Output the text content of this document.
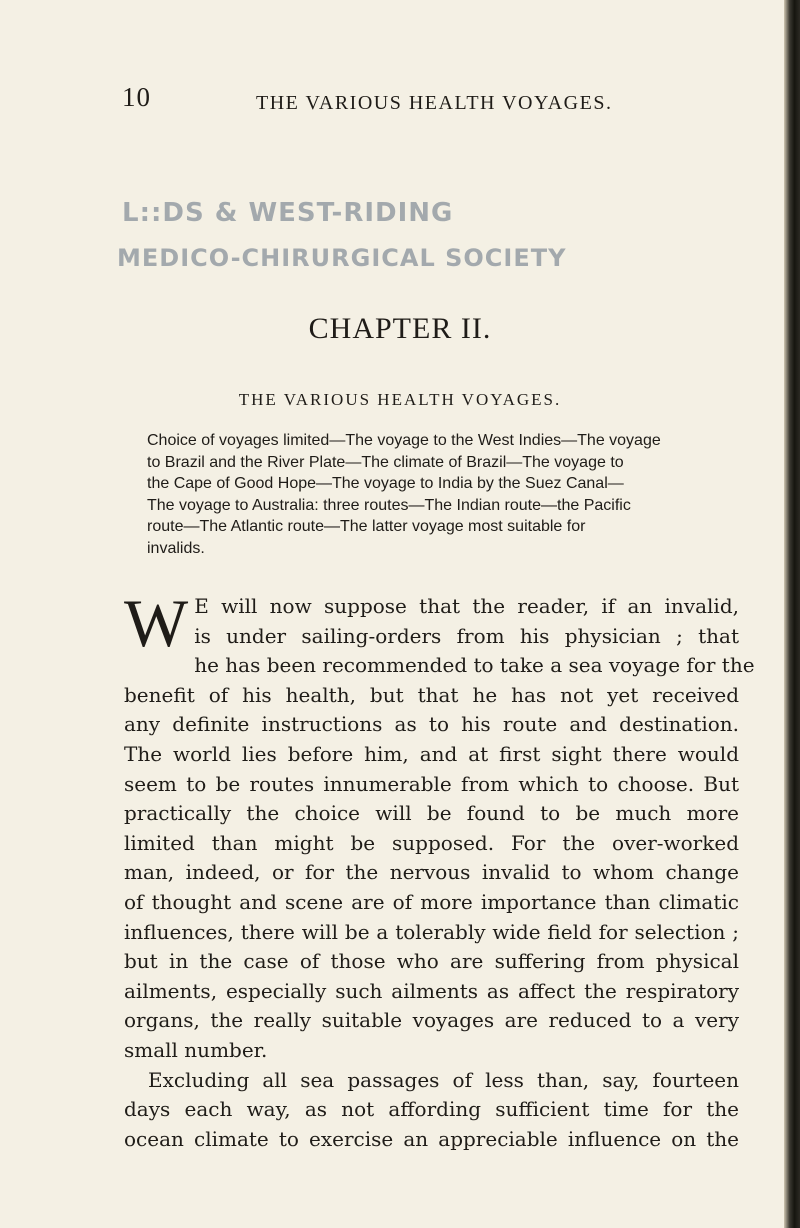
10	THE VARIOUS HEALTH VOYAGES.
L::DS & WEST-RIDING
MEDICO-CHIRURGICAL SOCIETY
CHAPTER II.
THE VARIOUS HEALTH VOYAGES.
Choice of voyages limited—The voyage to the West Indies—The voyage
to Brazil and the River Plate—The climate of Brazil—The voyage to
the Cape of Good Hope—The voyage to India by the Suez Canal—
The voyage to Australia: three routes—The Indian route—the Pacific
route—The Atlantic route—The latter voyage most suitable for
invalids.
W E will now suppose that the reader, if an invalid,
is under sailing-orders from his physician ; that
he has been recommended to take a sea voyage for the
benefit of his health, but that he has not yet received
any definite instructions as to his route and destination.
The world lies before him, and at first sight there would
seem to be routes innumerable from which to choose. But
practically the choice will be found to be much more
limited than might be supposed. For the over-worked
man, indeed, or for the nervous invalid to whom change
of thought and scene are of more importance than climatic
influences, there will be a tolerably wide field for selection ;
but in the case of those who are suffering from physical
ailments, especially such ailments as affect the respiratory
organs, the really suitable voyages are reduced to a very
small number.
Excluding all sea passages of less than, say, fourteen
days each way, as not affording sufficient time for the
ocean climate to exercise an appreciable influence on the
